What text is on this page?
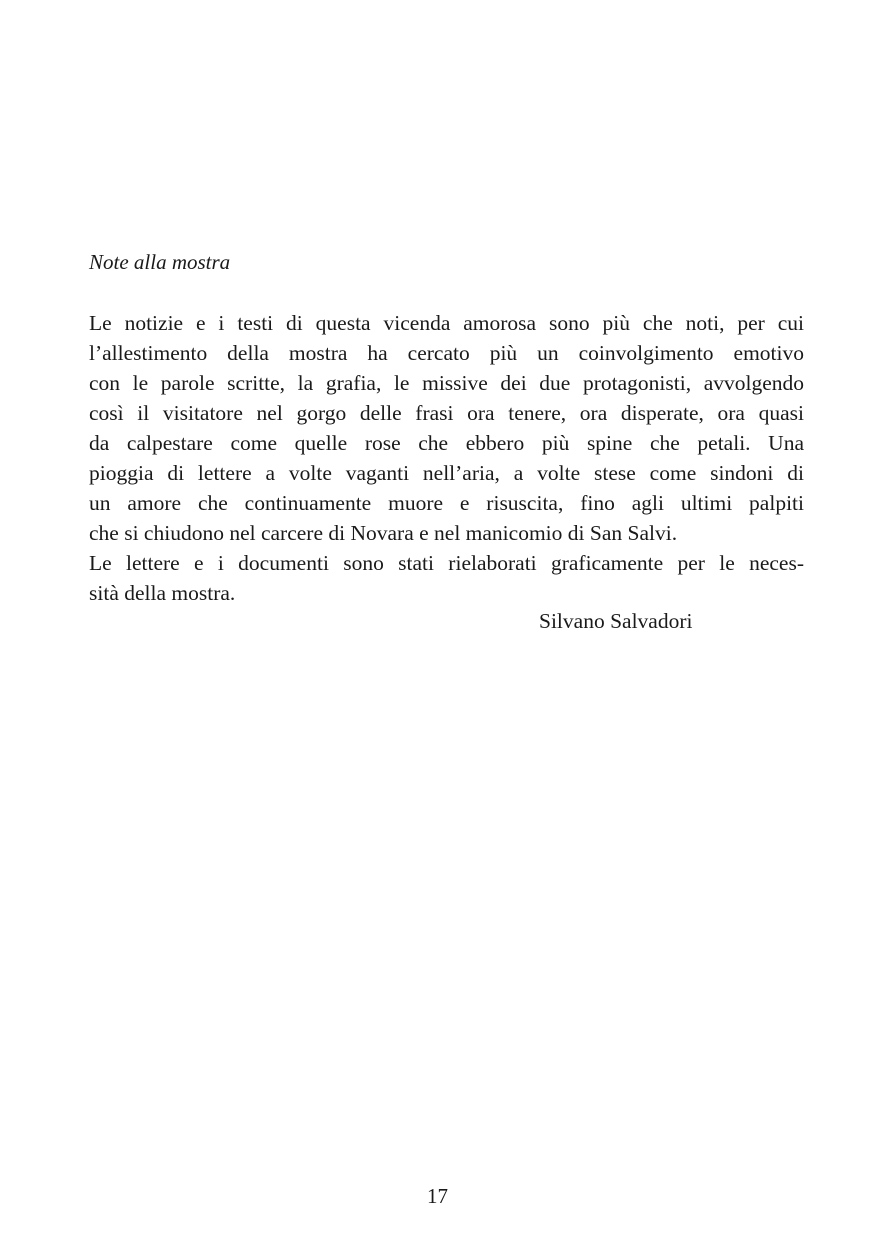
Note alla mostra

Le notizie e i testi di questa vicenda amorosa sono più che noti, per cui
l’allestimento della mostra ha cercato più un coinvolgimento emotivo
con le parole scritte, la grafia, le missive dei due protagonisti, avvolgendo
così il visitatore nel gorgo delle frasi ora tenere, ora disperate, ora quasi
da calpestare come quelle rose che ebbero più spine che petali. Una
pioggia di lettere a volte vaganti nell’aria, a volte stese come sindoni di
un amore che continuamente muore e risuscita, fino agli ultimi palpiti
che si chiudono nel carcere di Novara e nel manicomio di San Salvi.
Le lettere e i documenti sono stati rielaborati graficamente per le neces-
sità della mostra.

Silvano Salvadori

17
